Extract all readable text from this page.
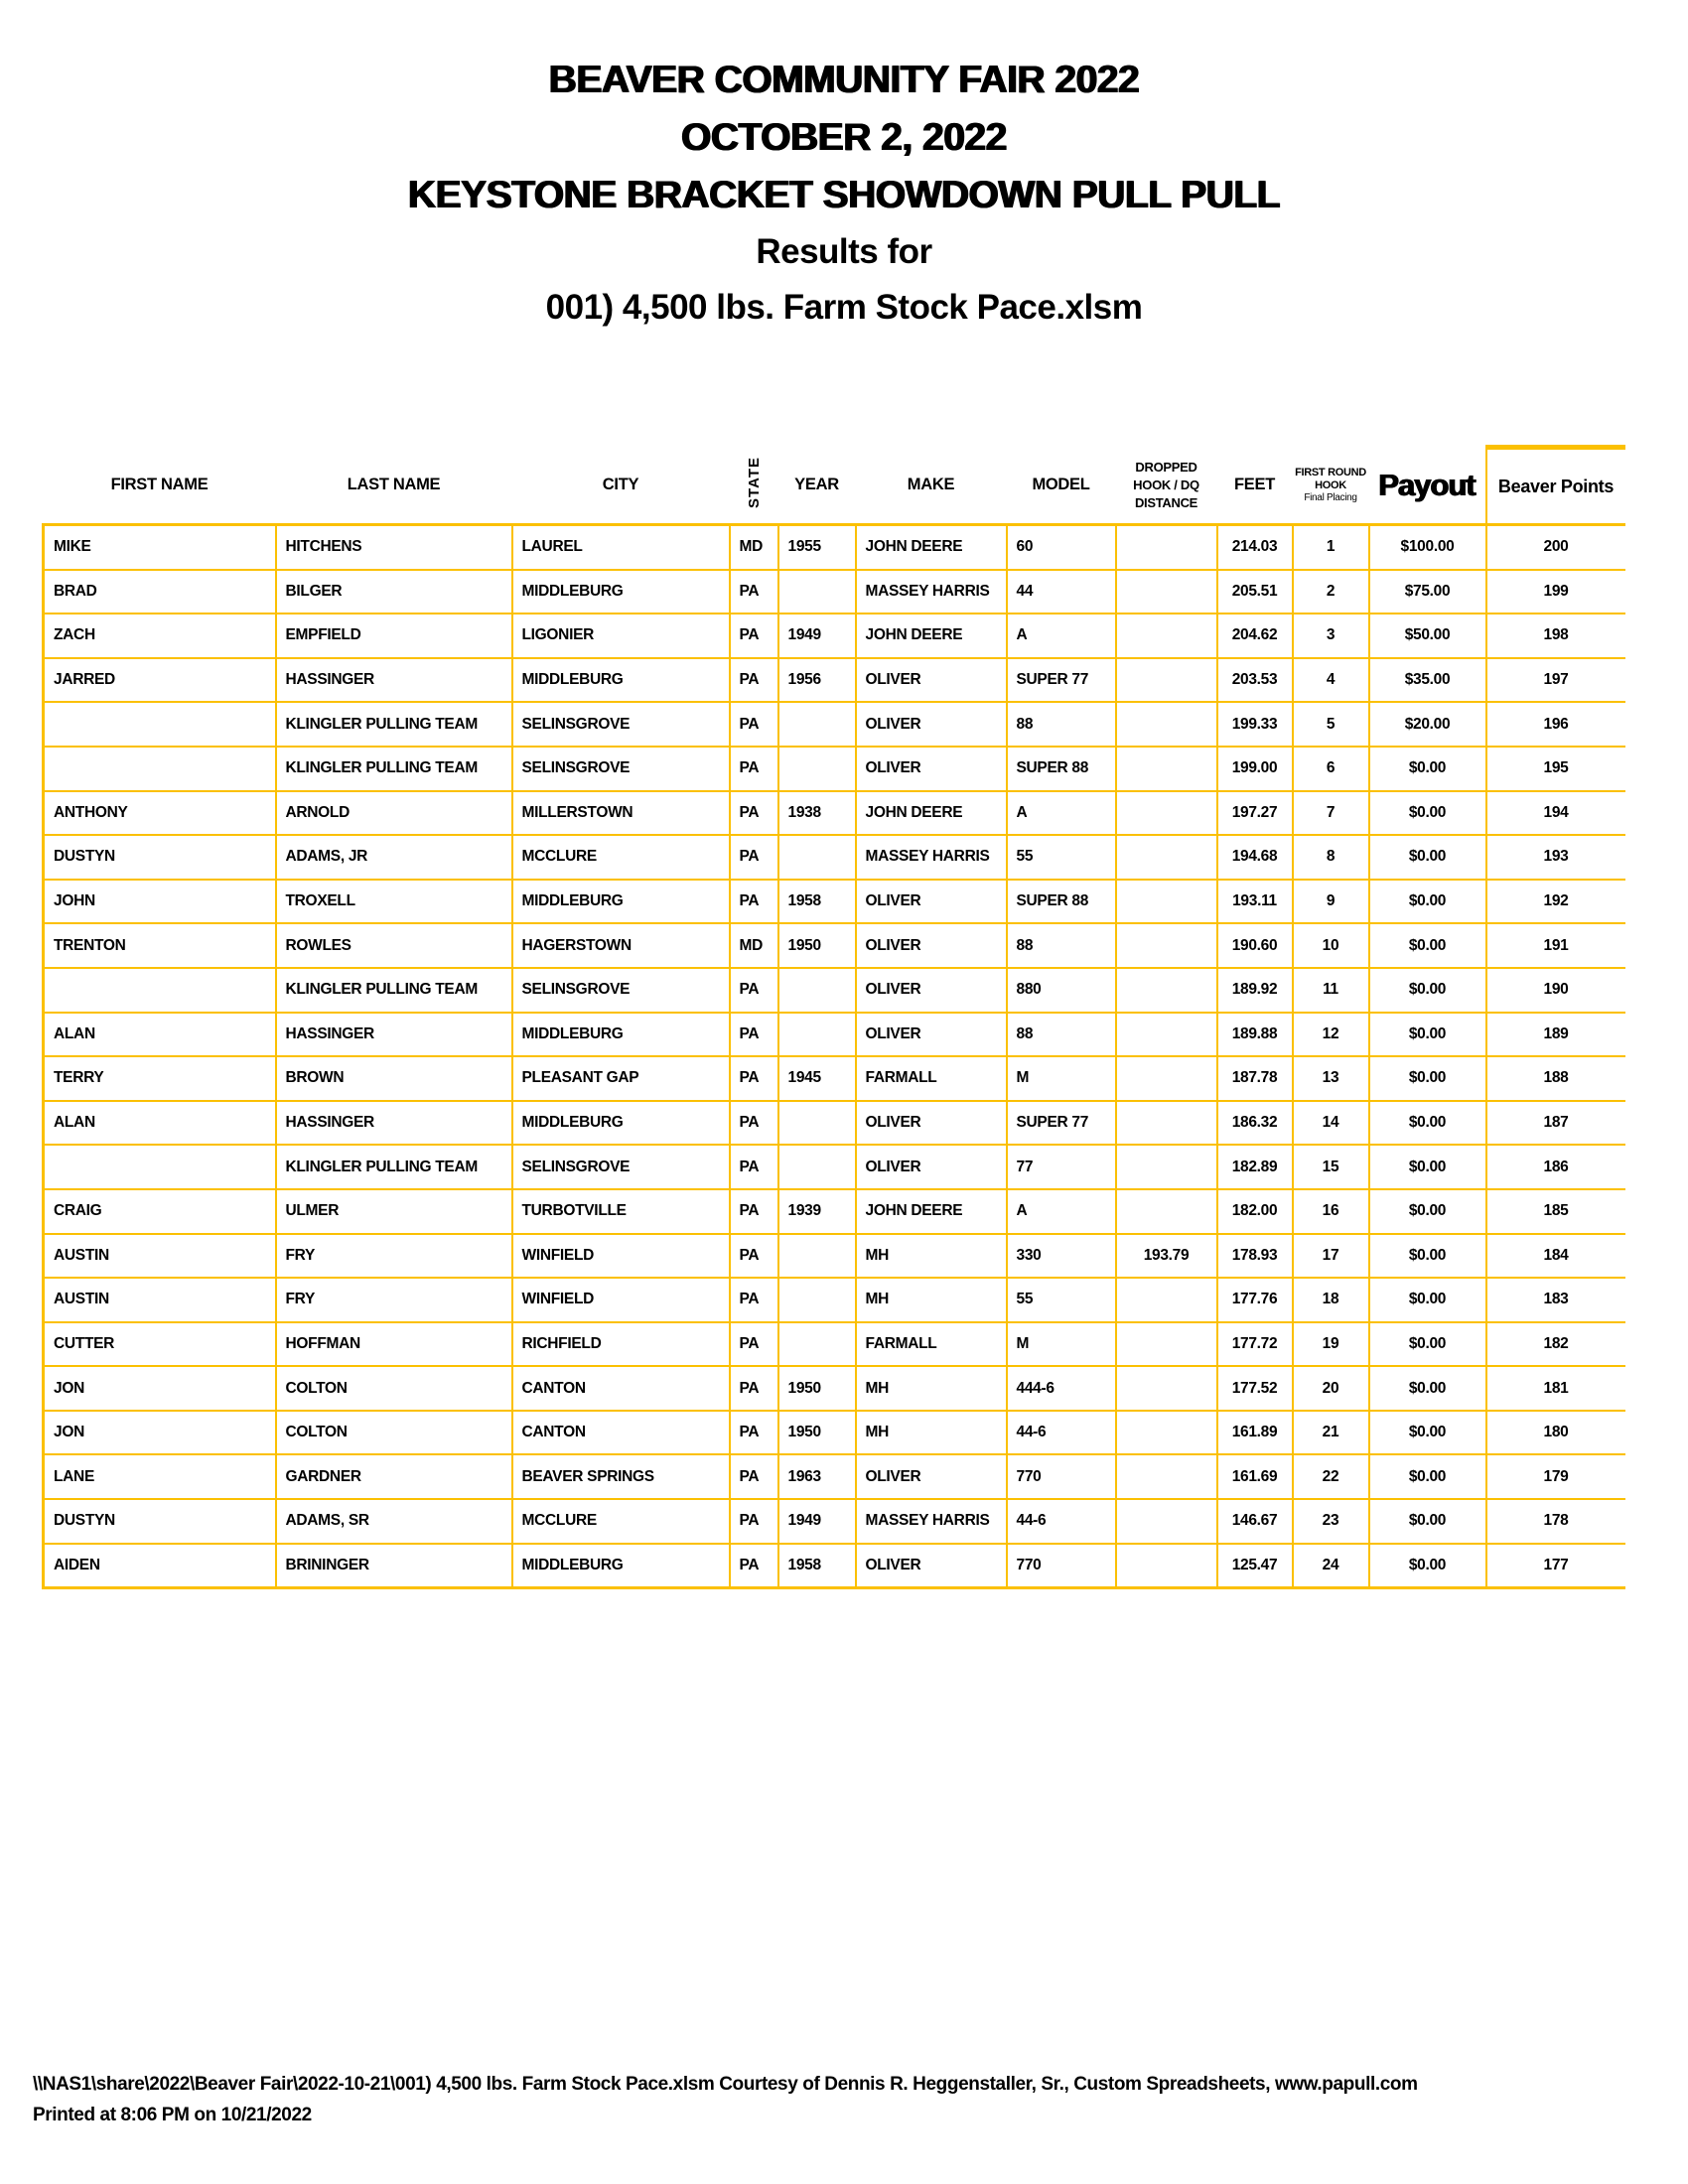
BEAVER COMMUNITY FAIR 2022
OCTOBER 2, 2022
KEYSTONE BRACKET SHOWDOWN PULL PULL
Results for
001) 4,500 lbs. Farm Stock Pace.xlsm
FIRST NAME	LAST NAME	CITY	STATE	YEAR	MAKE	MODEL	
DROPPED
HOOK / DQ
DISTANCE
	FEET	
FIRST ROUND
HOOK
Final Placing	Payout	Beaver Points
MIKE	HITCHENS	LAUREL	MD	1955	JOHN DEERE	60		214.03	1	$100.00	200
BRAD	BILGER	MIDDLEBURG	PA		MASSEY HARRIS	44		205.51	2	$75.00	199
ZACH	EMPFIELD	LIGONIER	PA	1949	JOHN DEERE	A		204.62	3	$50.00	198
JARRED	HASSINGER	MIDDLEBURG	PA	1956	OLIVER	SUPER 77		203.53	4	$35.00	197
	KLINGLER PULLING TEAM	SELINSGROVE	PA		OLIVER	88		199.33	5	$20.00	196
	KLINGLER PULLING TEAM	SELINSGROVE	PA		OLIVER	SUPER 88		199.00	6	$0.00	195
ANTHONY	ARNOLD	MILLERSTOWN	PA	1938	JOHN DEERE	A		197.27	7	$0.00	194
DUSTYN	ADAMS, JR	MCCLURE	PA		MASSEY HARRIS	55		194.68	8	$0.00	193
JOHN	TROXELL	MIDDLEBURG	PA	1958	OLIVER	SUPER 88		193.11	9	$0.00	192
TRENTON	ROWLES	HAGERSTOWN	MD	1950	OLIVER	88		190.60	10	$0.00	191
	KLINGLER PULLING TEAM	SELINSGROVE	PA		OLIVER	880		189.92	11	$0.00	190
ALAN	HASSINGER	MIDDLEBURG	PA		OLIVER	88		189.88	12	$0.00	189
TERRY	BROWN	PLEASANT GAP	PA	1945	FARMALL	M		187.78	13	$0.00	188
ALAN	HASSINGER	MIDDLEBURG	PA		OLIVER	SUPER 77		186.32	14	$0.00	187
	KLINGLER PULLING TEAM	SELINSGROVE	PA		OLIVER	77		182.89	15	$0.00	186
CRAIG	ULMER	TURBOTVILLE	PA	1939	JOHN DEERE	A		182.00	16	$0.00	185
AUSTIN	FRY	WINFIELD	PA		MH	330	193.79	178.93	17	$0.00	184
AUSTIN	FRY	WINFIELD	PA		MH	55		177.76	18	$0.00	183
CUTTER	HOFFMAN	RICHFIELD	PA		FARMALL	M		177.72	19	$0.00	182
JON	COLTON	CANTON	PA	1950	MH	444-6		177.52	20	$0.00	181
JON	COLTON	CANTON	PA	1950	MH	44-6		161.89	21	$0.00	180
LANE	GARDNER	BEAVER SPRINGS	PA	1963	OLIVER	770		161.69	22	$0.00	179
DUSTYN	ADAMS, SR	MCCLURE	PA	1949	MASSEY HARRIS	44-6		146.67	23	$0.00	178
AIDEN	BRININGER	MIDDLEBURG	PA	1958	OLIVER	770		125.47	24	$0.00	177
\\NAS1\share\2022\Beaver Fair\2022-10-21\001) 4,500 lbs. Farm Stock Pace.xlsm Courtesy of Dennis R. Heggenstaller, Sr., Custom Spreadsheets, www.papull.com
Printed at 8:06 PM on 10/21/2022
